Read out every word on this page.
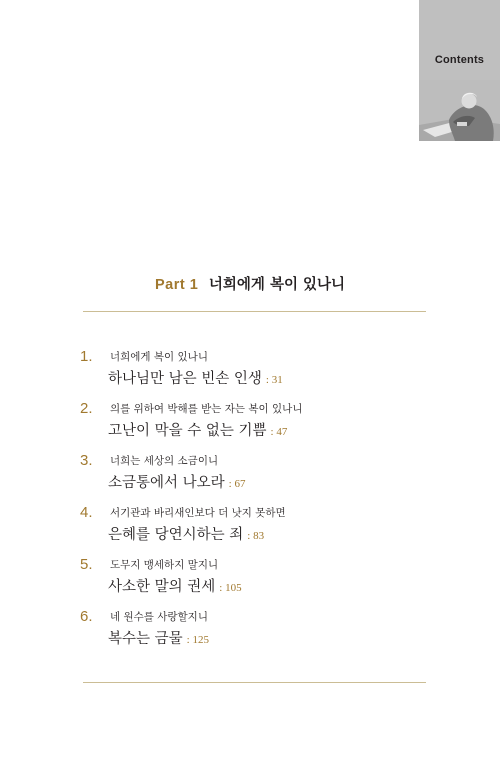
Contents
Part 1 너희에게 복이 있나니
1. 너희에게 복이 있나니
하나님만 남은 빈손 인생 : 31
2. 의를 위하여 박해를 받는 자는 복이 있나니
고난이 막을 수 없는 기쁨 : 47
3. 너희는 세상의 소금이니
소금통에서 나오라 : 67
4. 서기관과 바리새인보다 더 낫지 못하면
은혜를 당연시하는 죄 : 83
5. 도무지 맹세하지 말지니
사소한 말의 권세 : 105
6. 네 원수를 사랑할지니
복수는 금물 : 125
